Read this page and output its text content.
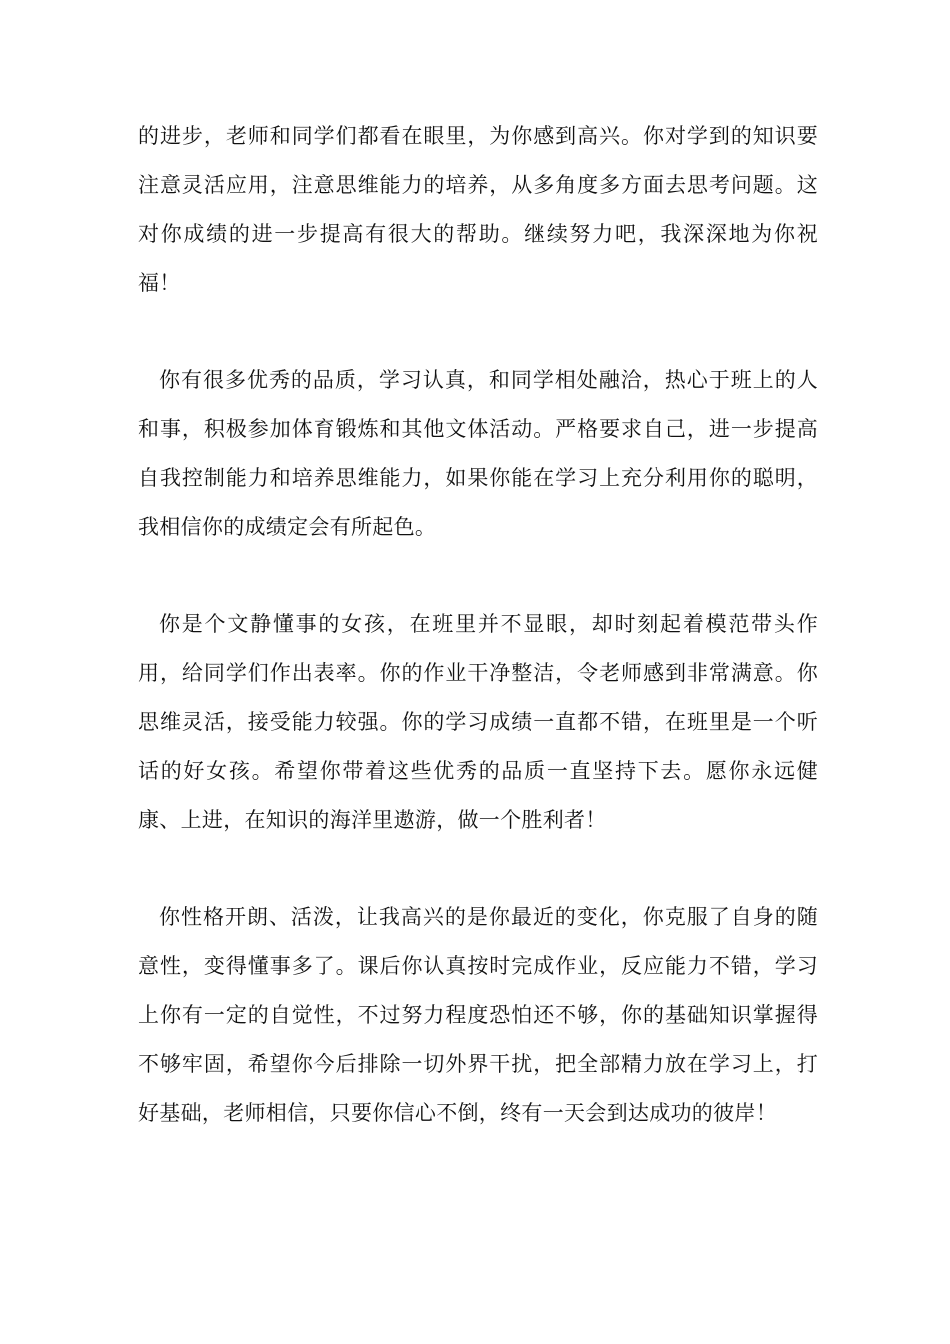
的进步，老师和同学们都看在眼里，为你感到高兴。你对学到的知识要注意灵活应用，注意思维能力的培养，从多角度多方面去思考问题。这对你成绩的进一步提高有很大的帮助。继续努力吧，我深深地为你祝福！

你有很多优秀的品质，学习认真，和同学相处融洽，热心于班上的人和事，积极参加体育锻炼和其他文体活动。严格要求自己，进一步提高自我控制能力和培养思维能力，如果你能在学习上充分利用你的聪明，我相信你的成绩定会有所起色。

你是个文静懂事的女孩，在班里并不显眼，却时刻起着模范带头作用，给同学们作出表率。你的作业干净整洁，令老师感到非常满意。你思维灵活，接受能力较强。你的学习成绩一直都不错，在班里是一个听话的好女孩。希望你带着这些优秀的品质一直坚持下去。愿你永远健康、上进，在知识的海洋里遨游，做一个胜利者！

你性格开朗、活泼，让我高兴的是你最近的变化，你克服了自身的随意性，变得懂事多了。课后你认真按时完成作业，反应能力不错，学习上你有一定的自觉性，不过努力程度恐怕还不够，你的基础知识掌握得不够牢固，希望你今后排除一切外界干扰，把全部精力放在学习上，打好基础，老师相信，只要你信心不倒，终有一天会到达成功的彼岸！
